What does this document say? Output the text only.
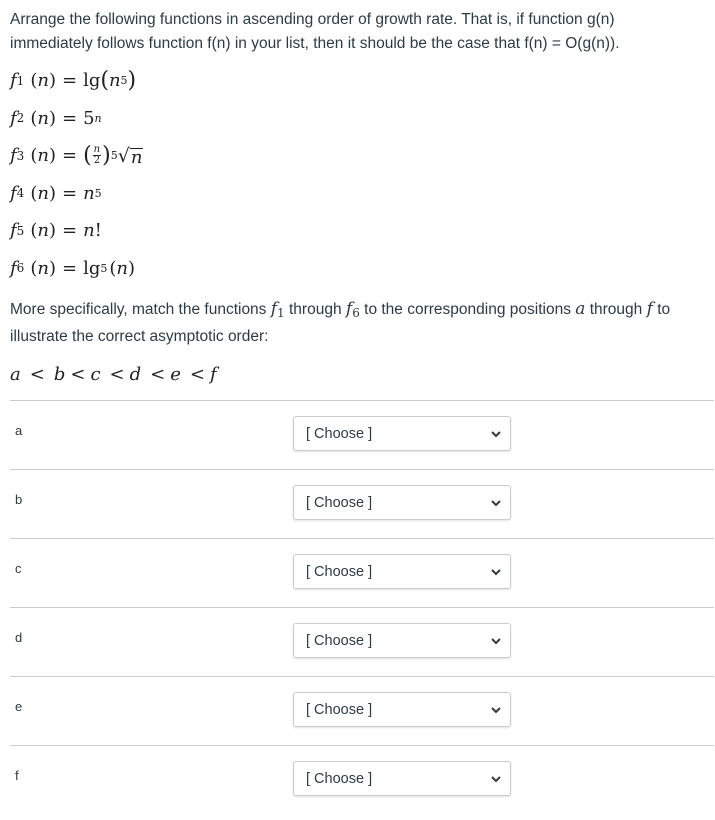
Arrange the following functions in ascending order of growth rate. That is, if function g(n) immediately follows function f(n) in your list, then it should be the case that f(n) = O(g(n)).

f 1 ( n ) = lg ( n 5 )
f 2 ( n ) = 5 n
f 3 ( n ) = ( $\frac{n}{2}$ ) 5 √ n
f 4 ( n ) = n 5
f 5 ( n ) = n !
f 6 ( n ) = lg 5 ( n )

More specifically, match the functions $f_1$ through $f_6$ to the corresponding positions a through f to illustrate the correct asymptotic order:

a < b < c < d < e < f
a	[ Choose ]
b	[ Choose ]
c	[ Choose ]
d	[ Choose ]
e	[ Choose ]
f	[ Choose ]
